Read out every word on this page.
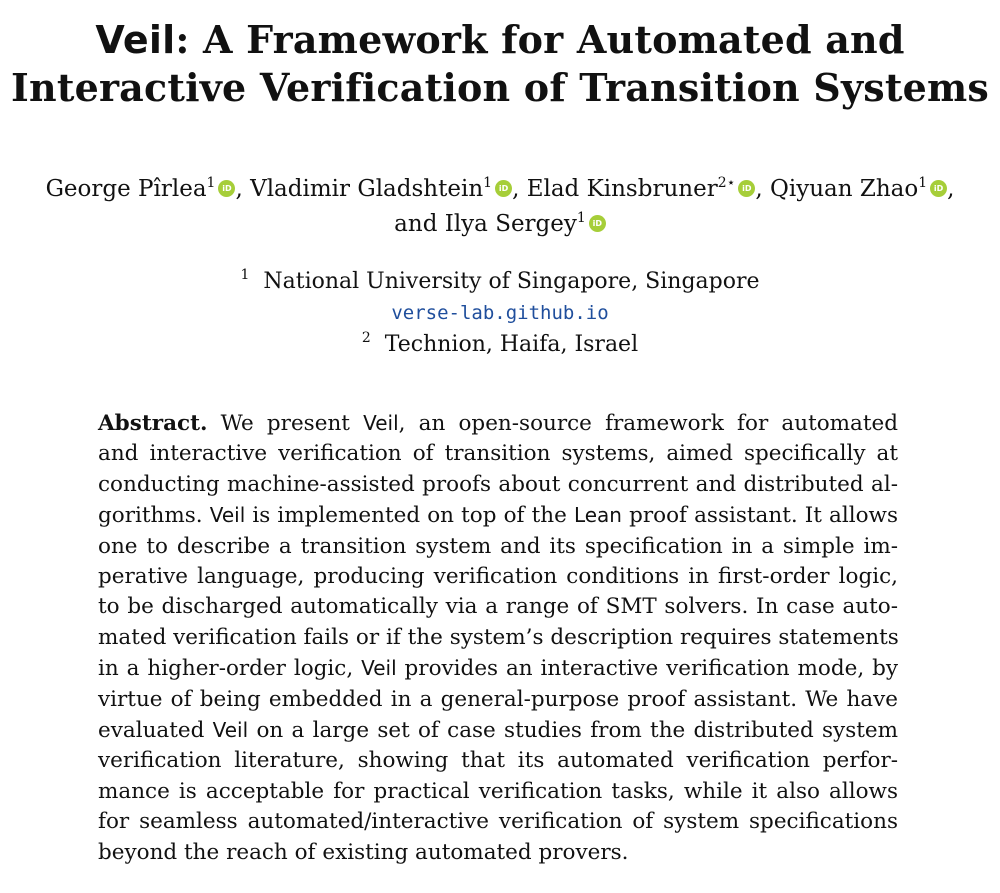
Veil: A Framework for Automated and
Interactive Verification of Transition Systems
George Pîrlea$^1$ iD , Vladimir Gladshtein$^1$ iD , Elad Kinsbruner$^{2⋆}$ iD , Qiyuan Zhao$^1$ iD ,
and Ilya Sergey$^1$iD
$^1$ National University of Singapore, Singapore
verse-lab.github.io
$^2$ Technion, Haifa, Israel
Abstract. We present Veil, an open-source framework for automated
and interactive verification of transition systems, aimed specifically at
conducting machine-assisted proofs about concurrent and distributed al-
gorithms. Veil is implemented on top of the Lean proof assistant. It allows
one to describe a transition system and its specification in a simple im-
perative language, producing verification conditions in first-order logic,
to be discharged automatically via a range of SMT solvers. In case auto-
mated verification fails or if the system’s description requires statements
in a higher-order logic, Veil provides an interactive verification mode, by
virtue of being embedded in a general-purpose proof assistant. We have
evaluated Veil on a large set of case studies from the distributed system
verification literature, showing that its automated verification perfor-
mance is acceptable for practical verification tasks, while it also allows
for seamless automated/interactive verification of system specifications
beyond the reach of existing automated provers.
